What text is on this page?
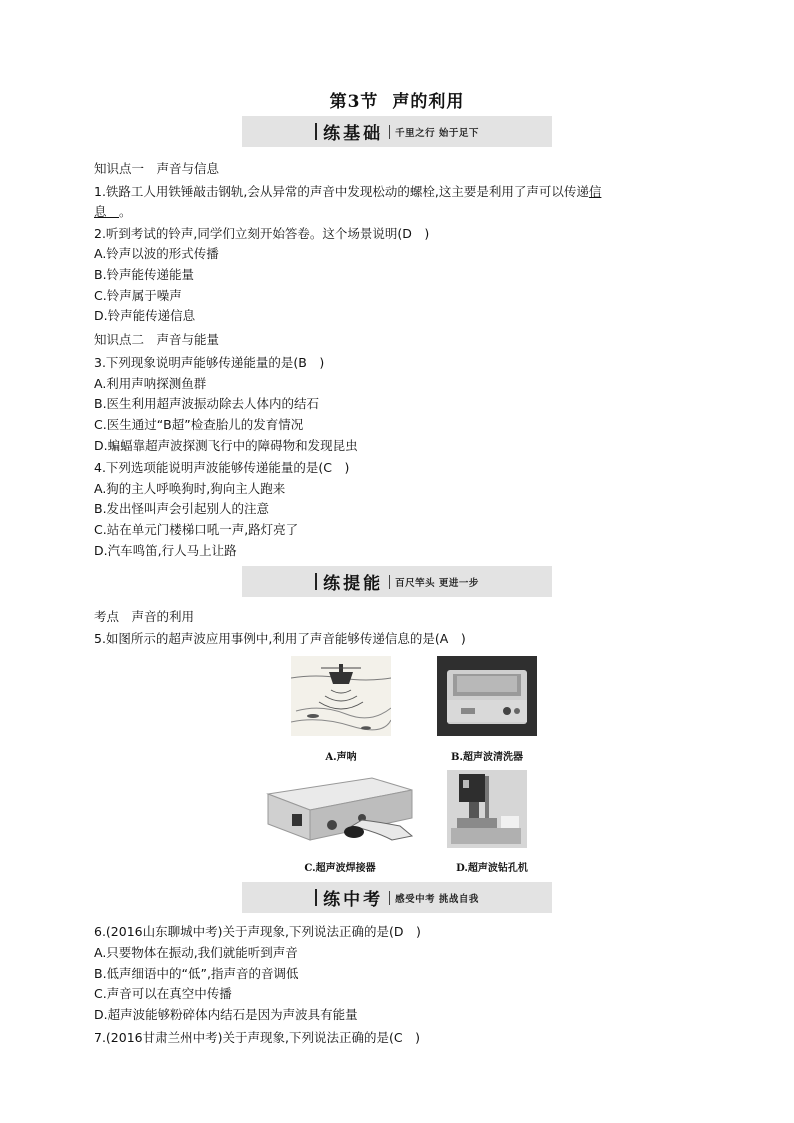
第3节 声的利用
练基础 千里之行 始于足下
知识点一　声音与信息
1.铁路工人用铁锤敲击钢轨,会从异常的声音中发现松动的螺栓,这主要是利用了声可以传递信
息  。
2.听到考试的铃声,同学们立刻开始答卷。这个场景说明(D　)
A.铃声以波的形式传播
B.铃声能传递能量
C.铃声属于噪声
D.铃声能传递信息
知识点二　声音与能量
3.下列现象说明声能够传递能量的是(B　)
A.利用声呐探测鱼群
B.医生利用超声波振动除去人体内的结石
C.医生通过“B超”检查胎儿的发育情况
D.蝙蝠靠超声波探测飞行中的障碍物和发现昆虫
4.下列选项能说明声波能够传递能量的是(C　)
A.狗的主人呼唤狗时,狗向主人跑来
B.发出怪叫声会引起别人的注意
C.站在单元门楼梯口吼一声,路灯亮了
D.汽车鸣笛,行人马上让路
练提能 百尺竿头 更进一步
考点　声音的利用
5.如图所示的超声波应用事例中,利用了声音能够传递信息的是(A　)
A.声呐	B.超声波清洗器
C.超声波焊接器	D.超声波钻孔机
练中考 感受中考 挑战自我
6.(2016山东聊城中考)关于声现象,下列说法正确的是(D　)
A.只要物体在振动,我们就能听到声音
B.低声细语中的“低”,指声音的音调低
C.声音可以在真空中传播
D.超声波能够粉碎体内结石是因为声波具有能量
7.(2016甘肃兰州中考)关于声现象,下列说法正确的是(C　)
